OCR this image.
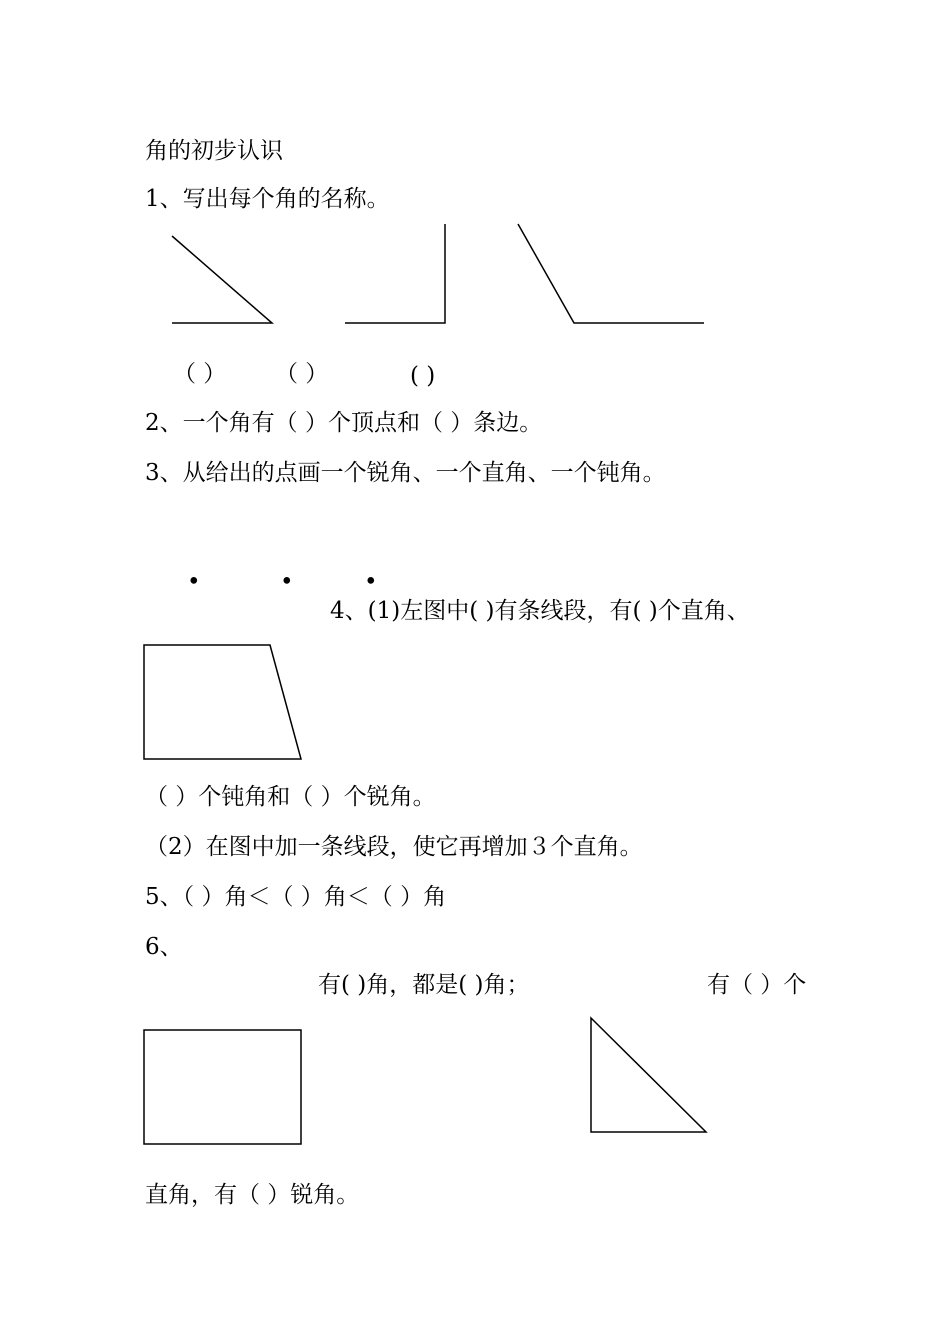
角的初步认识
1、写出每个角的名称。
（ ） （ ）	( )
2、一个角有（ ）个顶点和（ ）条边。
3、从给出的点画一个锐角、一个直角、一个钝角。
•	•	•
4、(1)左图中( )有条线段，有( )个直角、
（ ）个钝角和（ ）个锐角。
（2）在图中加一条线段，使它再增加３个直角。
5、（ ）角＜（ ）角＜（ ）角
6、
有( )角，都是( )角；	有（ ）个
直角，有（ ）锐角。
